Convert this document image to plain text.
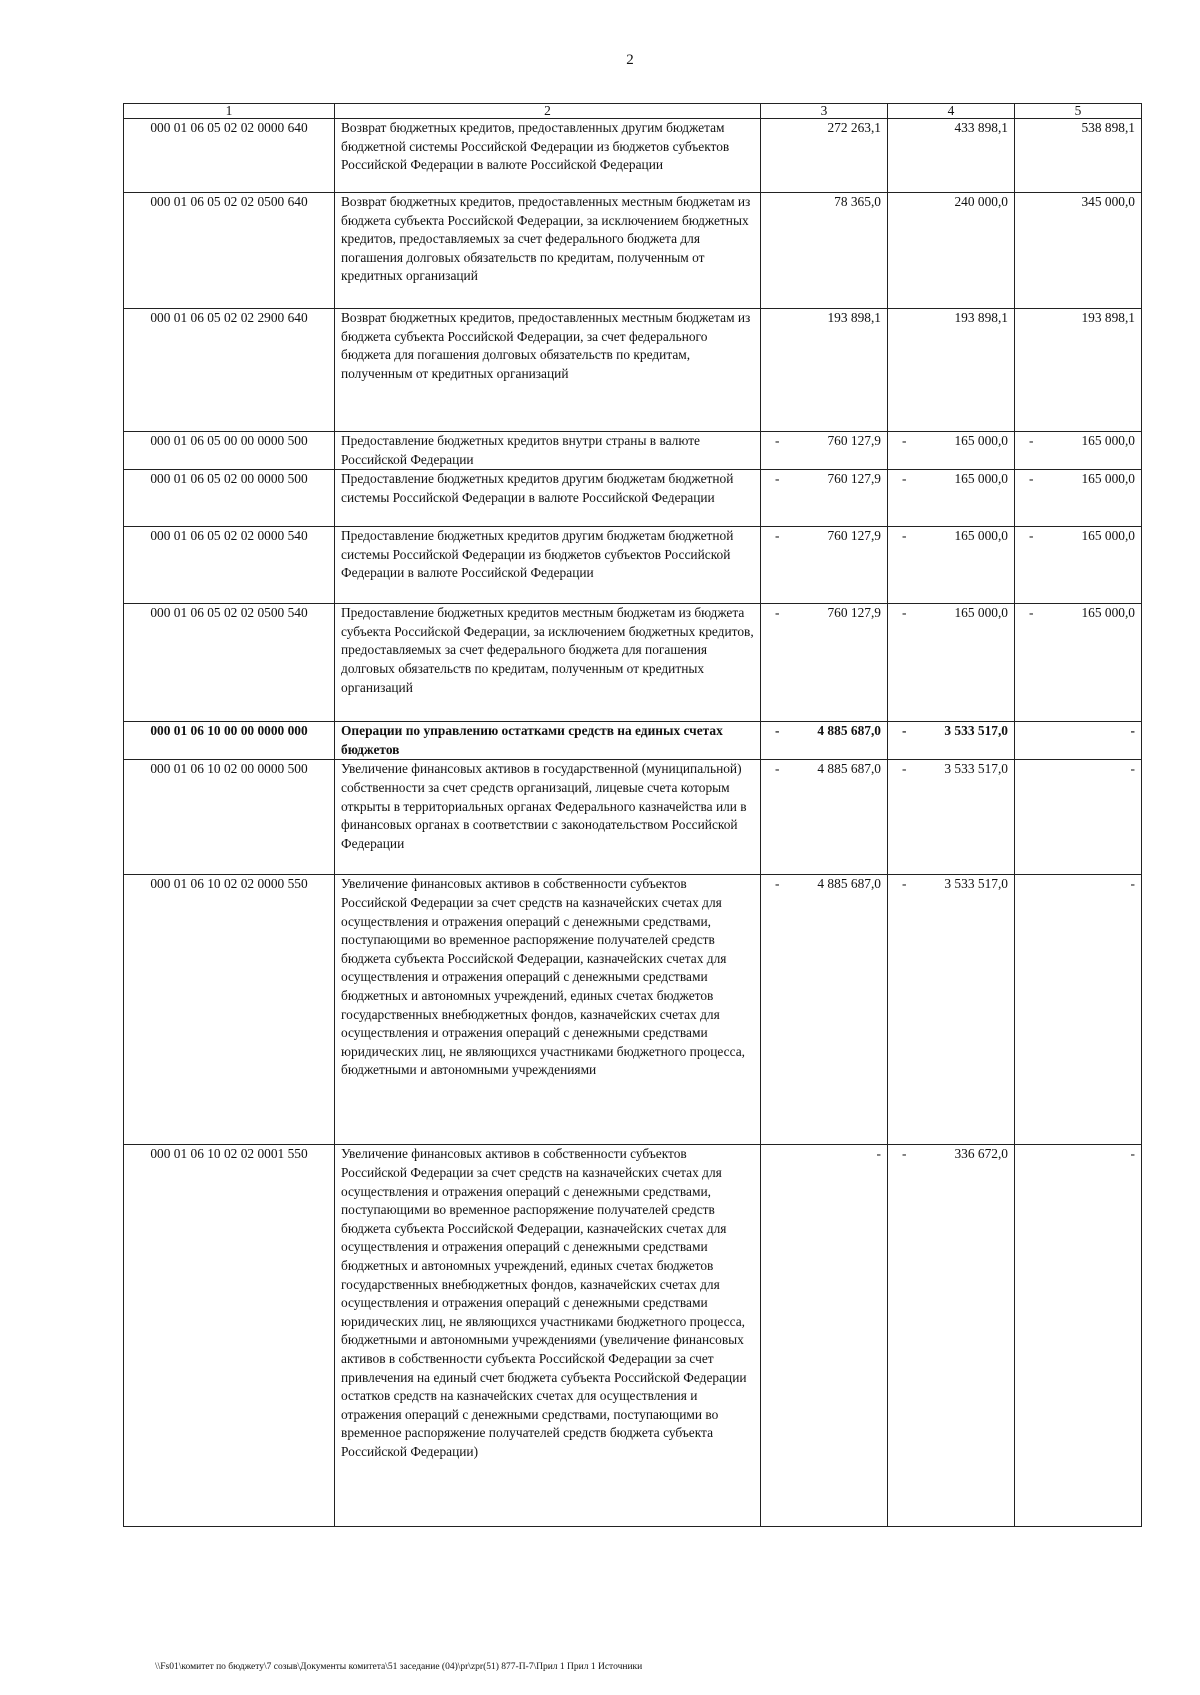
2
1	2	3	4	5
000 01 06 05 02 02 0000 640	Возврат бюджетных кредитов, предоставленных другим бюджетам бюджетной системы Российской Федерации из бюджетов субъектов Российской Федерации в валюте Российской Федерации	272 263,1	433 898,1	538 898,1
000 01 06 05 02 02 0500 640	Возврат бюджетных кредитов, предоставленных местным бюджетам из бюджета субъекта Российской Федерации, за исключением бюджетных кредитов, предоставляемых за счет федерального бюджета для погашения долговых обязательств по кредитам, полученным от кредитных организаций	78 365,0	240 000,0	345 000,0
000 01 06 05 02 02 2900 640	Возврат бюджетных кредитов, предоставленных местным бюджетам из бюджета субъекта Российской Федерации, за счет федерального бюджета для погашения долговых обязательств по кредитам, полученным от кредитных организаций	193 898,1	193 898,1	193 898,1
000 01 06 05 00 00 0000 500	Предоставление бюджетных кредитов внутри страны в валюте Российской Федерации	- 760 127,9	- 165 000,0	- 165 000,0
000 01 06 05 02 00 0000 500	Предоставление бюджетных кредитов другим бюджетам бюджетной системы Российской Федерации в валюте Российской Федерации	- 760 127,9	- 165 000,0	- 165 000,0
000 01 06 05 02 02 0000 540	Предоставление бюджетных кредитов другим бюджетам бюджетной системы Российской Федерации из бюджетов субъектов Российской Федерации в валюте Российской Федерации	- 760 127,9	- 165 000,0	- 165 000,0
000 01 06 05 02 02 0500 540	Предоставление бюджетных кредитов местным бюджетам из бюджета субъекта Российской Федерации, за исключением бюджетных кредитов, предоставляемых за счет федерального бюджета для погашения долговых обязательств по кредитам, полученным от кредитных организаций	- 760 127,9	- 165 000,0	- 165 000,0
000 01 06 10 00 00 0000 000	Операции по управлению остатками средств на единых счетах бюджетов	- 4 885 687,0	- 3 533 517,0	-
000 01 06 10 02 00 0000 500	Увеличение финансовых активов в государственной (муниципальной) собственности за счет средств организаций, лицевые счета которым открыты в территориальных органах Федерального казначейства или в финансовых органах в соответствии с законодательством Российской Федерации	- 4 885 687,0	- 3 533 517,0	-
000 01 06 10 02 02 0000 550	Увеличение финансовых активов в собственности субъектов Российской Федерации за счет средств на казначейских счетах для осуществления и отражения операций с денежными средствами, поступающими во временное распоряжение получателей средств бюджета субъекта Российской Федерации, казначейских счетах для осуществления и отражения операций с денежными средствами бюджетных и автономных учреждений, единых счетах бюджетов государственных внебюджетных фондов, казначейских счетах для осуществления и отражения операций с денежными средствами юридических лиц, не являющихся участниками бюджетного процесса, бюджетными и автономными учреждениями	- 4 885 687,0	- 3 533 517,0	-
000 01 06 10 02 02 0001 550	Увеличение финансовых активов в собственности субъектов Российской Федерации за счет средств на казначейских счетах для осуществления и отражения операций с денежными средствами, поступающими во временное распоряжение получателей средств бюджета субъекта Российской Федерации, казначейских счетах для осуществления и отражения операций с денежными средствами бюджетных и автономных учреждений, единых счетах бюджетов государственных внебюджетных фондов, казначейских счетах для осуществления и отражения операций с денежными средствами юридических лиц, не являющихся участниками бюджетного процесса, бюджетными и автономными учреждениями (увеличение финансовых активов в собственности субъекта Российской Федерации за счет привлечения на единый счет бюджета субъекта Российской Федерации остатков средств на казначейских счетах для осуществления и отражения операций с денежными средствами, поступающими во временное распоряжение получателей средств бюджета субъекта Российской Федерации)	-	- 336 672,0	-
\\Fs01\комитет по бюджету\7 созыв\Документы комитета\51 заседание (04)\pr\zpr(51) 877-П-7\Прил 1 Прил 1 Источники
